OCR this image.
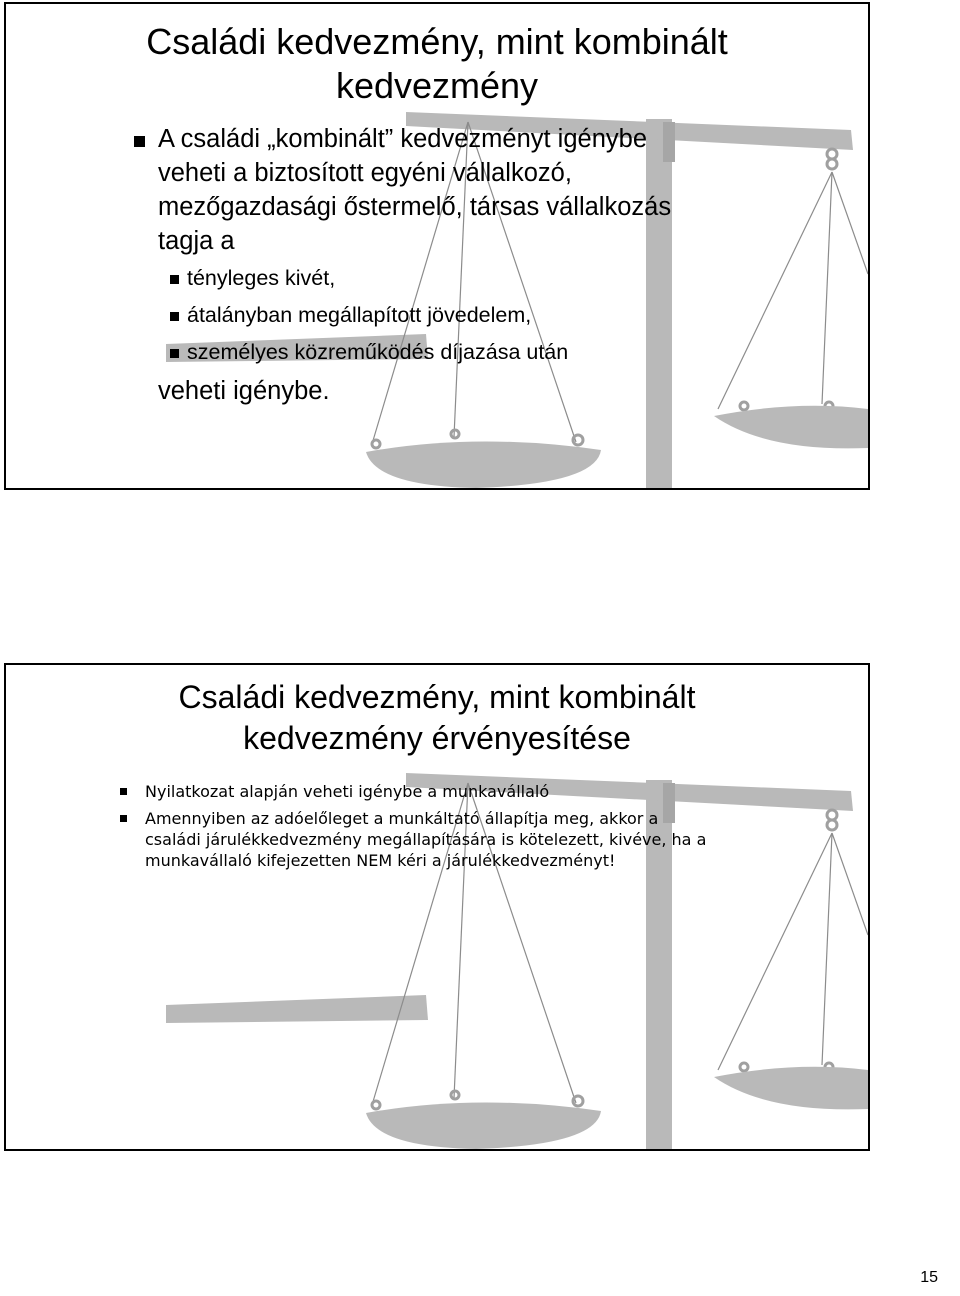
Családi kedvezmény, mint kombinált
kedvezmény

A családi „kombinált” kedvezményt igénybe
veheti a biztosított egyéni vállalkozó,
mezőgazdasági őstermelő, társas vállalkozás
tagja a

tényleges kivét,
átalányban megállapított jövedelem,
személyes közreműködés díjazása után

veheti igénybe.

Családi kedvezmény, mint kombinált
kedvezmény érvényesítése

Nyilatkozat alapján veheti igénybe a munkavállaló

Amennyiben az adóelőleget a munkáltató állapítja meg, akkor a
családi járulékkedvezmény megállapítására is kötelezett, kivéve, ha a
munkavállaló kifejezetten NEM kéri a járulékkedvezményt!

15
